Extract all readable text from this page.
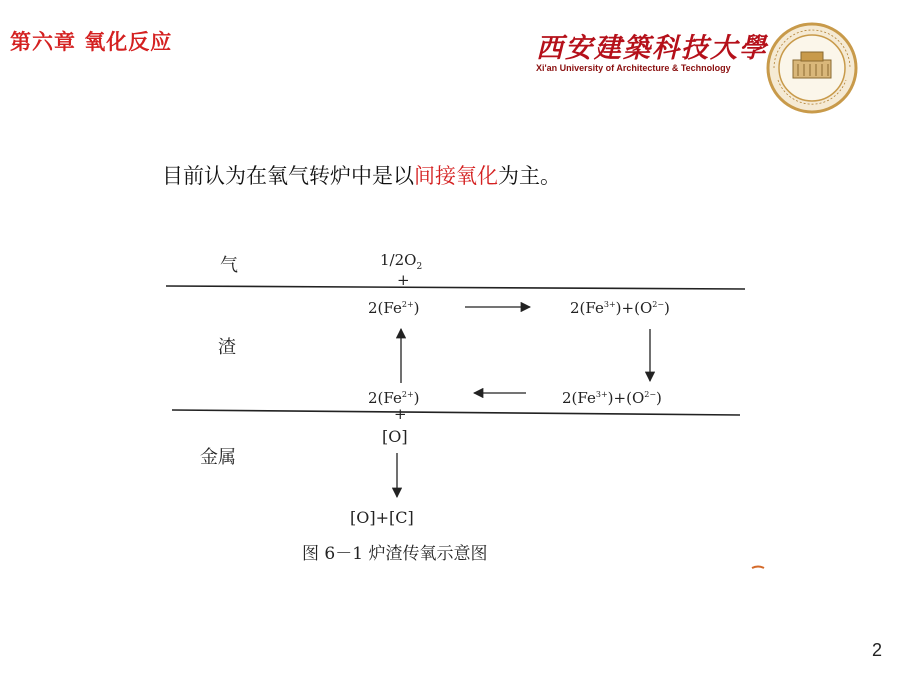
第六章 氧化反应	西安建築科技大學
Xi'an University of Architecture & Technology
目前认为在氧气转炉中是以间接氧化为主。
气
渣
金属
$1/2O_2$
+
$2(Fe^{2+})$	$2(Fe^{3+})+(O^{2-})$
$2(Fe^{2+})$
+
$2(Fe^{3+})+(O^{2-})$
[O]
[O]+[C]
图 6－1 炉渣传氧示意图
2
